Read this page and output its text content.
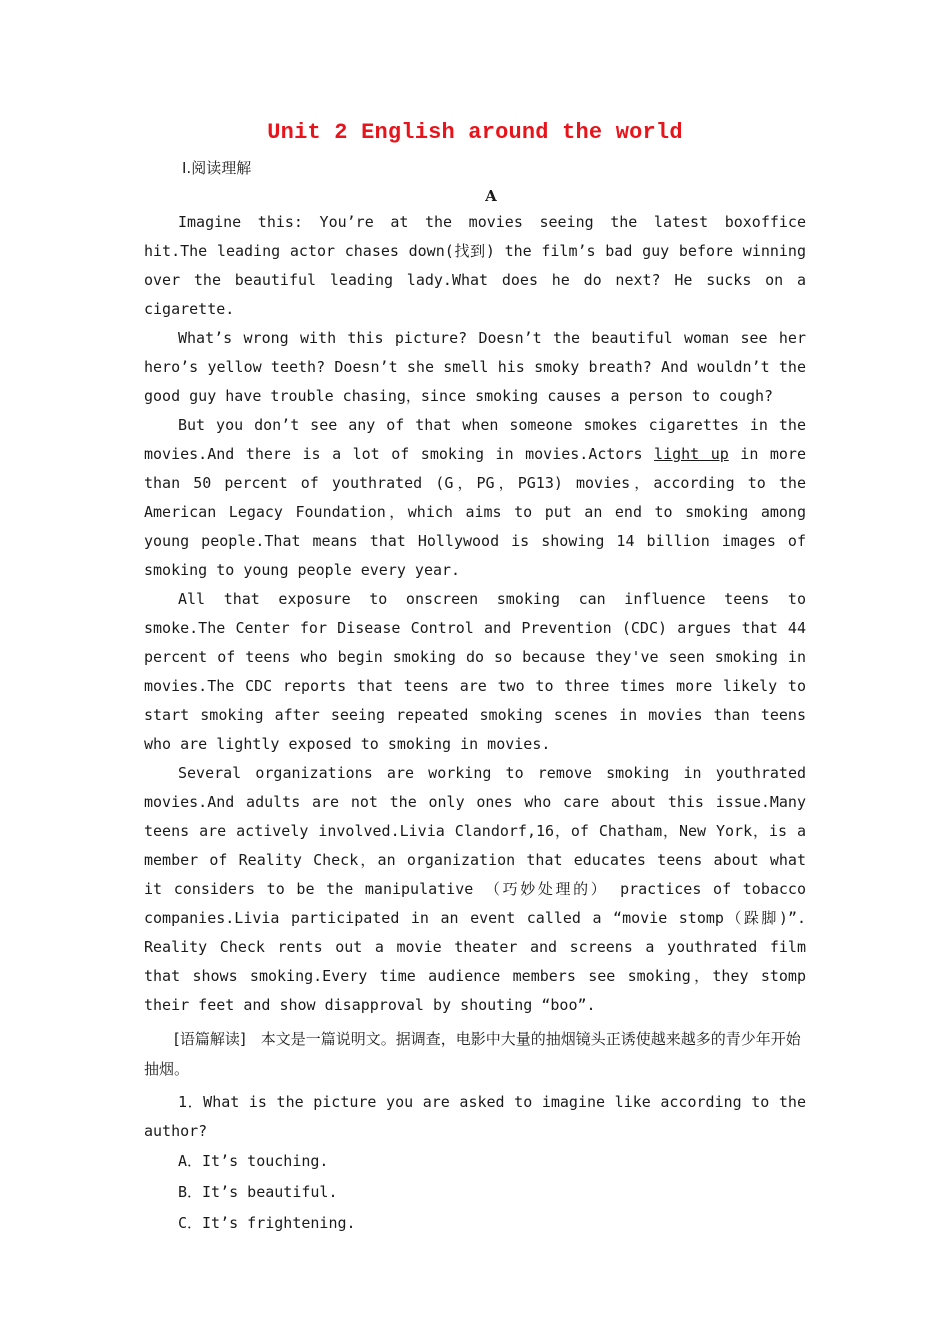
Unit 2 English around the world
Ⅰ.阅读理解
A

Imagine this: You’re at the movies seeing the latest boxoffice hit.The leading actor chases down(找到) the film’s bad guy before winning over the beautiful leading lady.What does he do next? He sucks on a cigarette.

What’s wrong with this picture? Doesn’t the beautiful woman see her hero’s yellow teeth? Doesn’t she smell his smoky breath? And wouldn’t the good guy have trouble chasing，since smoking causes a person to cough?

But you don’t see any of that when someone smokes cigarettes in the movies.And there is a lot of smoking in movies.Actors light up in more than 50 percent of youthrated (G，PG，PG13) movies，according to the American Legacy Foundation，which aims to put an end to smoking among young people.That means that Hollywood is showing 14 billion images of smoking to young people every year.

All that exposure to onscreen smoking can influence teens to smoke.The Center for Disease Control and Prevention (CDC) argues that 44 percent of teens who begin smoking do so because they've seen smoking in movies.The CDC reports that teens are two to three times more likely to start smoking after seeing repeated smoking scenes in movies than teens who are lightly exposed to smoking in movies.

Several organizations are working to remove smoking in youthrated movies.And adults are not the only ones who care about this issue.Many teens are actively involved.Livia Clandorf,16，of Chatham，New York，is a member of Reality Check，an organization that educates teens about what it considers to be the manipulative （巧妙处理的） practices of tobacco companies.Livia participated in an event called a “movie stomp（跺脚)”. Reality Check rents out a movie theater and screens a youthrated film that shows smoking.Every time audience members see smoking，they stomp their feet and show disapproval by shouting “boo”.

[语篇解读]　本文是一篇说明文。据调查，电影中大量的抽烟镜头正诱使越来越多的青少年开始抽烟。

1．What is the picture you are asked to imagine like according to the author?

A．It’s touching.

B．It’s beautiful.

C．It’s frightening.
